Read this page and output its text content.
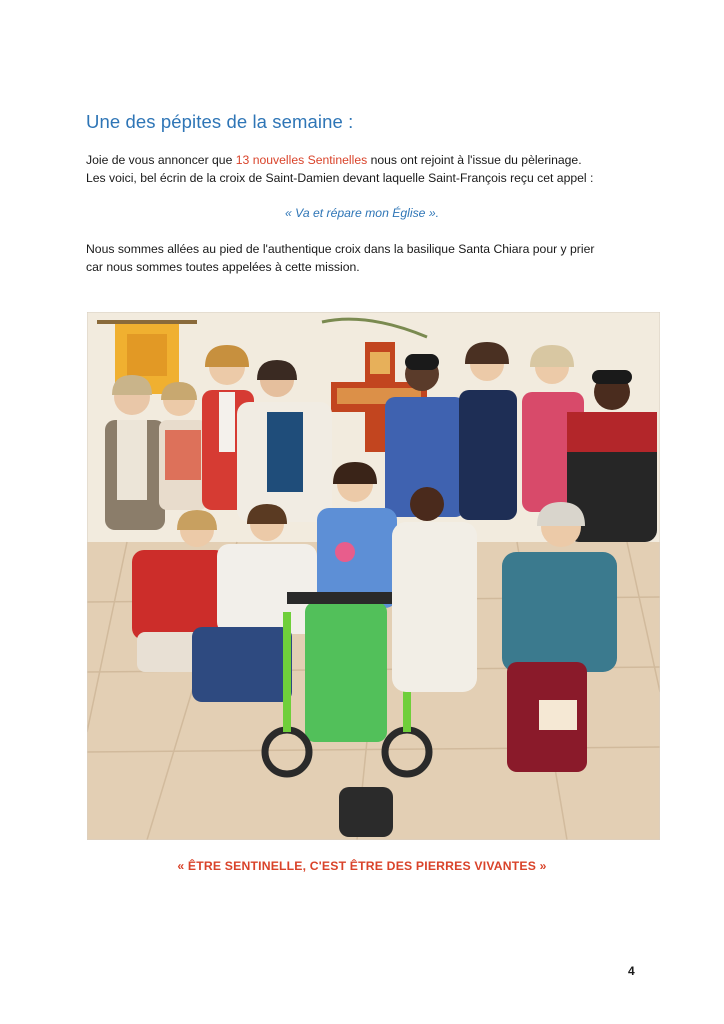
Une des pépites de la semaine :
Joie de vous annoncer que 13 nouvelles Sentinelles nous ont rejoint à l'issue du pèlerinage.
Les voici, bel écrin de la croix de Saint-Damien devant laquelle Saint-François reçu cet appel :
« Va et répare mon Église ».
Nous sommes allées au pied de l'authentique croix dans la basilique Santa Chiara pour y prier
car nous sommes toutes appelées à cette mission.
« ÊTRE SENTINELLE, C'EST ÊTRE DES PIERRES VIVANTES »
4
